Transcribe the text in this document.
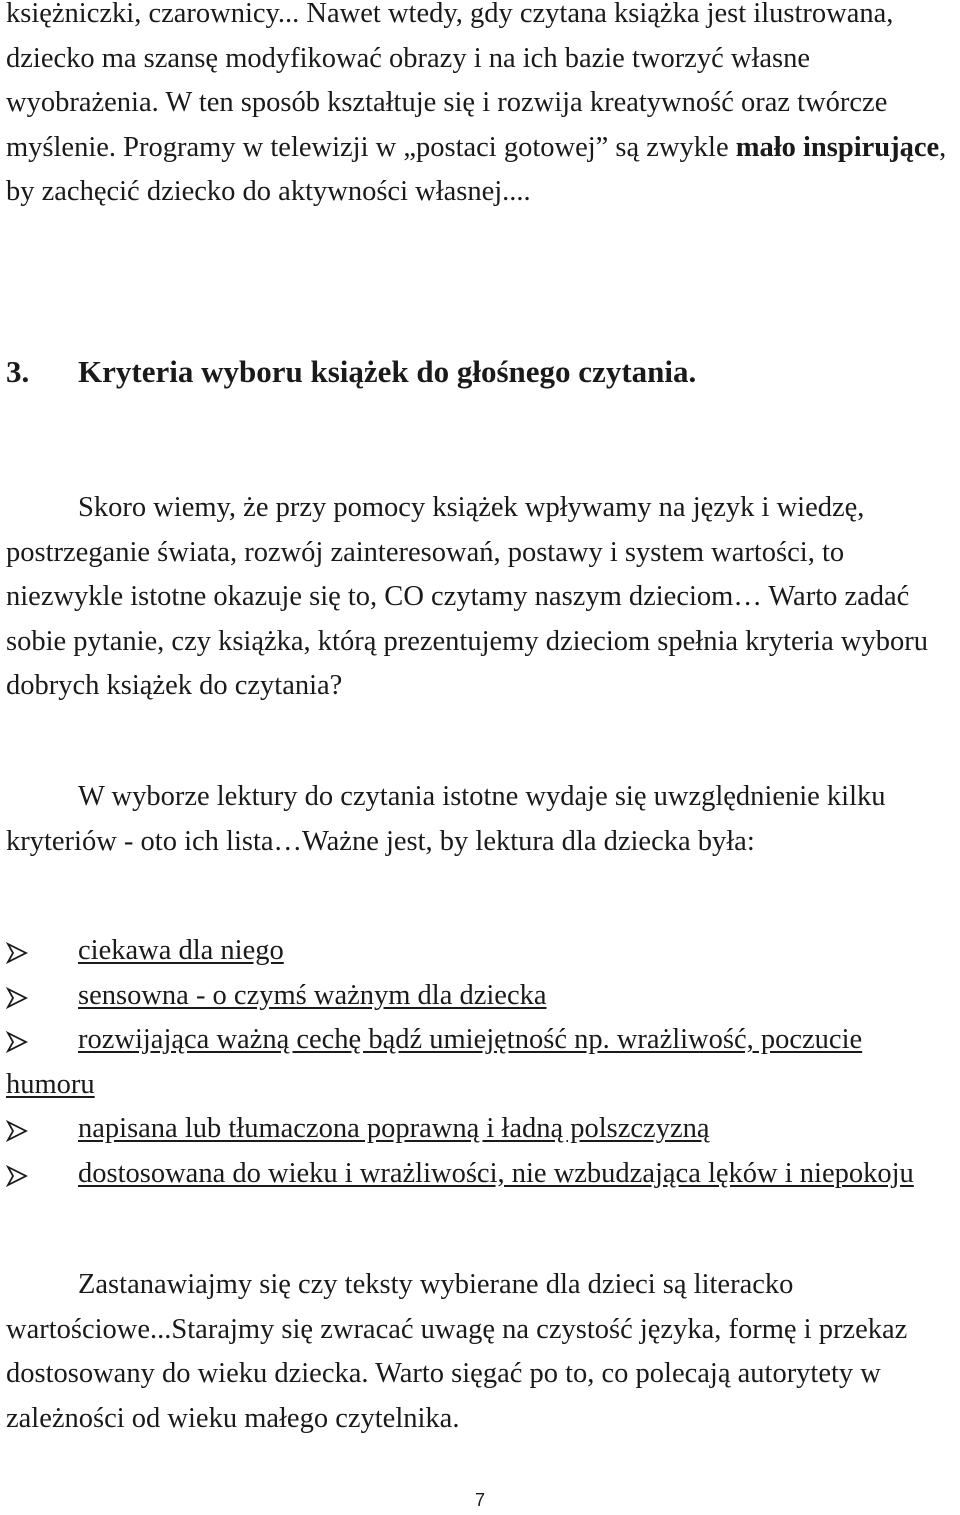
księżniczki, czarownicy... Nawet wtedy, gdy czytana książka jest ilustrowana, dziecko ma szansę modyfikować obrazy i na ich bazie tworzyć własne wyobrażenia. W ten sposób kształtuje się i rozwija kreatywność oraz twórcze myślenie. Programy w telewizji w „postaci gotowej” są zwykle mało inspirujące, by zachęcić dziecko do aktywności własnej....
3. Kryteria wyboru książek do głośnego czytania.
Skoro wiemy, że przy pomocy książek wpływamy na język i wiedzę, postrzeganie świata, rozwój zainteresowań, postawy i system wartości, to niezwykle istotne okazuje się to, CO czytamy naszym dzieciom… Warto zadać sobie pytanie, czy książka, którą prezentujemy dzieciom spełnia kryteria wyboru dobrych książek do czytania?
W wyborze lektury do czytania istotne wydaje się uwzględnienie kilku kryteriów - oto ich lista…Ważne jest, by lektura dla dziecka była:
ciekawa dla niego
sensowna - o czymś ważnym dla dziecka
rozwijająca ważną cechę bądź umiejętność np. wrażliwość, poczucie humoru
napisana lub tłumaczona poprawną i ładną polszczyzną
dostosowana do wieku i wrażliwości, nie wzbudzająca lęków i niepokoju
Zastanawiajmy się czy teksty wybierane dla dzieci są literacko wartościowe...Starajmy się zwracać uwagę na czystość języka, formę i przekaz dostosowany do wieku dziecka. Warto sięgać po to, co polecają autorytety w zależności od wieku małego czytelnika.
7
